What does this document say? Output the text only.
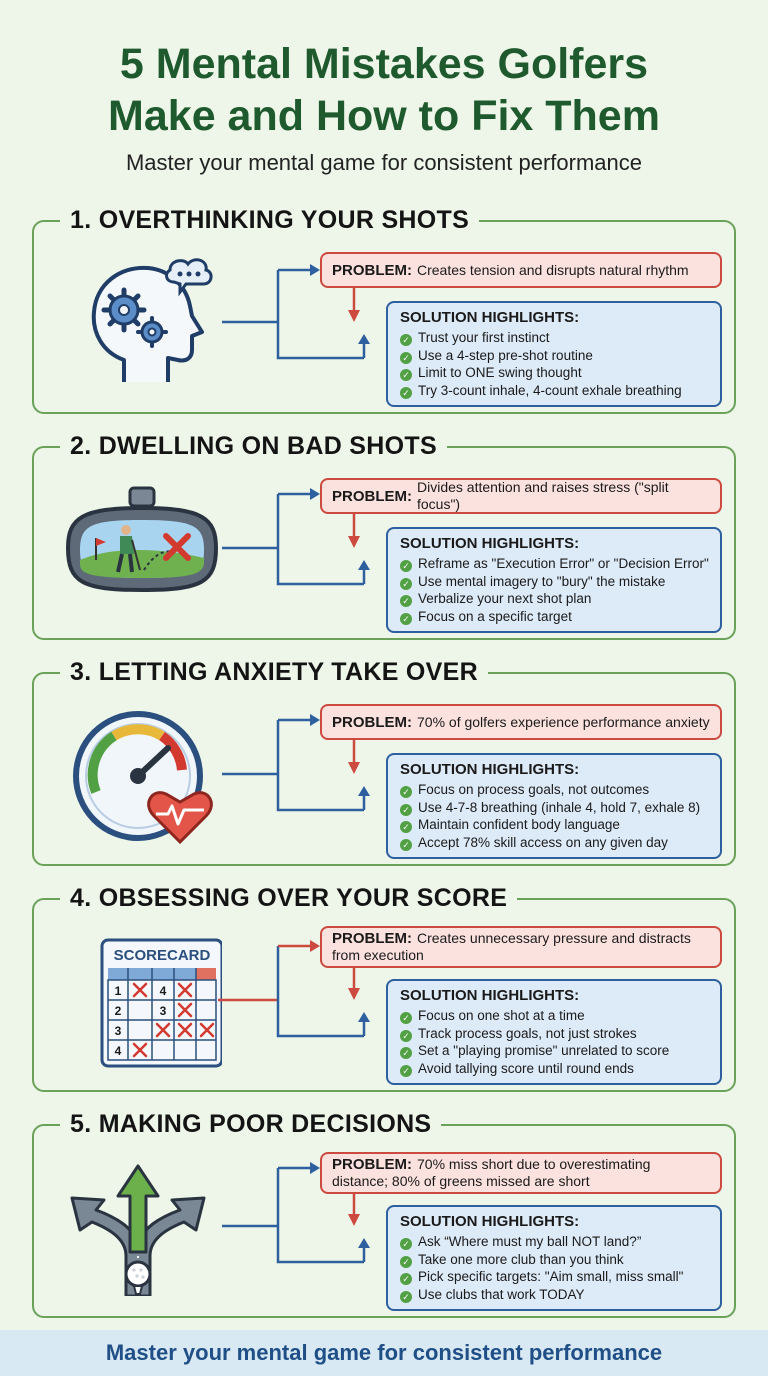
5 Mental Mistakes Golfers
Make and How to Fix Them

Master your mental game for consistent performance

1. OVERTHINKING YOUR SHOTS
PROBLEM: Creates tension and disrupts natural rhythm
SOLUTION HIGHLIGHTS:
✓ Trust your first instinct
✓ Use a 4-step pre-shot routine
✓ Limit to ONE swing thought
✓ Try 3-count inhale, 4-count exhale breathing
2. DWELLING ON BAD SHOTS
PROBLEM:
Divides attention and raises stress ("split focus")
SOLUTION HIGHLIGHTS:
✓ Reframe as "Execution Error" or "Decision Error"
✓ Use mental imagery to "bury" the mistake
✓ Verbalize your next shot plan
✓ Focus on a specific target
3. LETTING ANXIETY TAKE OVER
PROBLEM: 70% of golfers experience performance anxiety
SOLUTION HIGHLIGHTS:
✓ Focus on process goals, not outcomes
✓ Use 4-7-8 breathing (inhale 4, hold 7, exhale 8)
✓ Maintain confident body language
✓ Accept 78% skill access on any given day
4. OBSESSING OVER YOUR SCORE
SCORECARD
1
2
3
4
4
3
PROBLEM: Creates unnecessary pressure and distracts from execution
SOLUTION HIGHLIGHTS:
✓ Focus on one shot at a time
✓ Track process goals, not just strokes
✓ Set a "playing promise" unrelated to score
✓ Avoid tallying score until round ends
5. MAKING POOR DECISIONS
PROBLEM: 70% miss short due to overestimating distance; 80% of greens missed are short
SOLUTION HIGHLIGHTS:
✓ Ask “Where must my ball NOT land?”
✓ Take one more club than you think
✓ Pick specific targets: "Aim small, miss small"
✓ Use clubs that work TODAY
Master your mental game for consistent performance
